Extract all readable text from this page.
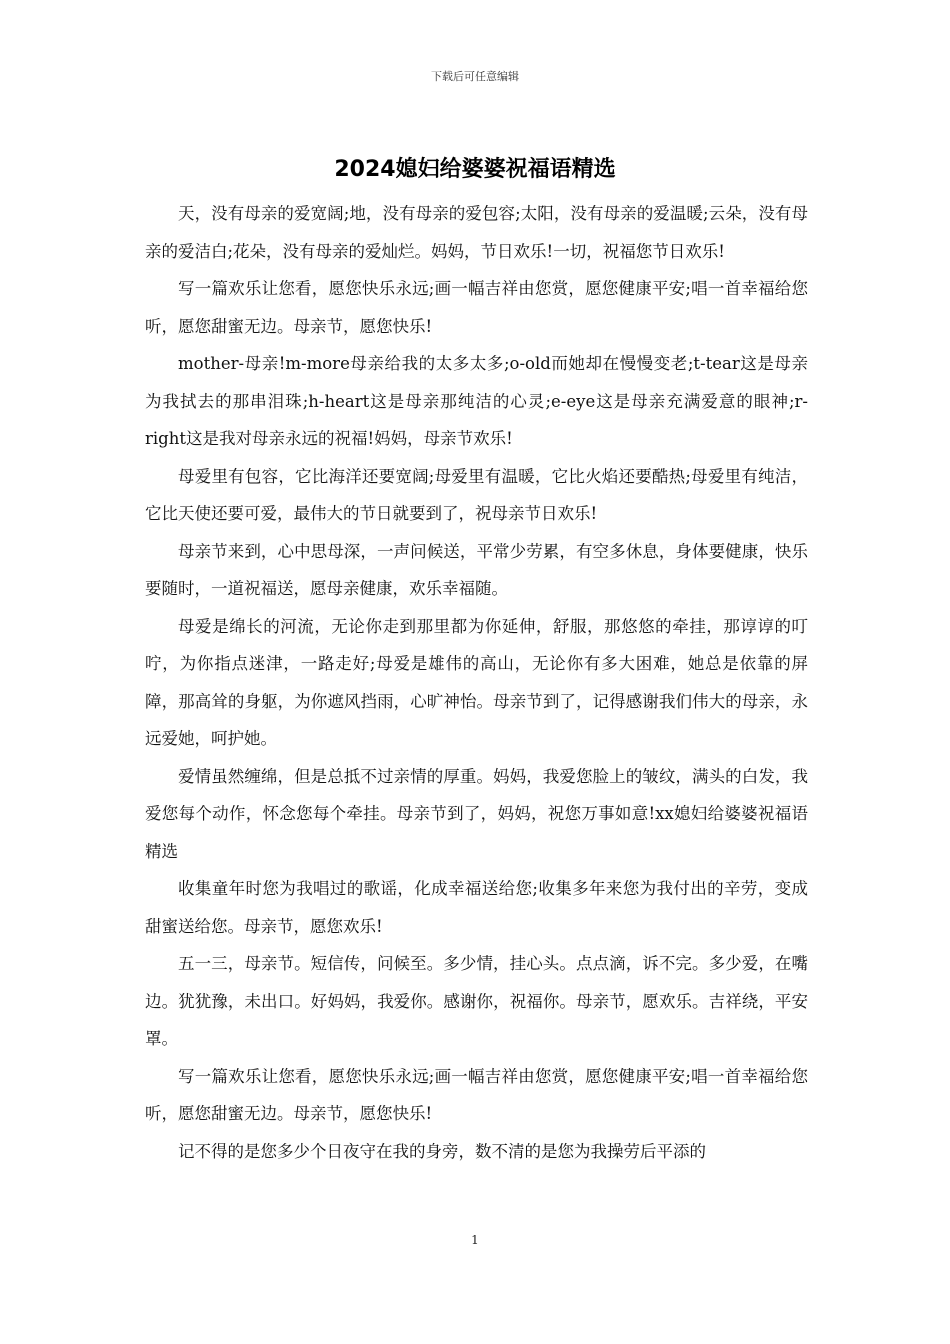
下载后可任意编辑
2024媳妇给婆婆祝福语精选

天，没有母亲的爱宽阔;地，没有母亲的爱包容;太阳，没有母亲的爱温暖;云朵，没有母亲的爱洁白;花朵，没有母亲的爱灿烂。妈妈，节日欢乐!一切，祝福您节日欢乐!

写一篇欢乐让您看，愿您快乐永远;画一幅吉祥由您赏，愿您健康平安;唱一首幸福给您听，愿您甜蜜无边。母亲节，愿您快乐!

mother-母亲!m-more母亲给我的太多太多;o-old而她却在慢慢变老;t-tear这是母亲为我拭去的那串泪珠;h-heart这是母亲那纯洁的心灵;e-eye这是母亲充满爱意的眼神;r-right这是我对母亲永远的祝福!妈妈，母亲节欢乐!

母爱里有包容，它比海洋还要宽阔;母爱里有温暖，它比火焰还要酷热;母爱里有纯洁，它比天使还要可爱，最伟大的节日就要到了，祝母亲节日欢乐!

母亲节来到，心中思母深，一声问候送，平常少劳累，有空多休息，身体要健康，快乐要随时，一道祝福送，愿母亲健康，欢乐幸福随。

母爱是绵长的河流，无论你走到那里都为你延伸，舒服，那悠悠的牵挂，那谆谆的叮咛，为你指点迷津，一路走好;母爱是雄伟的高山，无论你有多大困难，她总是依靠的屏障，那高耸的身躯，为你遮风挡雨，心旷神怡。母亲节到了，记得感谢我们伟大的母亲，永远爱她，呵护她。

爱情虽然缠绵，但是总抵不过亲情的厚重。妈妈，我爱您脸上的皱纹，满头的白发，我爱您每个动作，怀念您每个牵挂。母亲节到了，妈妈，祝您万事如意!xx媳妇给婆婆祝福语精选

收集童年时您为我唱过的歌谣，化成幸福送给您;收集多年来您为我付出的辛劳，变成甜蜜送给您。母亲节，愿您欢乐!

五一三，母亲节。短信传，问候至。多少情，挂心头。点点滴，诉不完。多少爱，在嘴边。犹犹豫，未出口。好妈妈，我爱你。感谢你，祝福你。母亲节，愿欢乐。吉祥绕，平安罩。

写一篇欢乐让您看，愿您快乐永远;画一幅吉祥由您赏，愿您健康平安;唱一首幸福给您听，愿您甜蜜无边。母亲节，愿您快乐!

记不得的是您多少个日夜守在我的身旁，数不清的是您为我操劳后平添的

1
